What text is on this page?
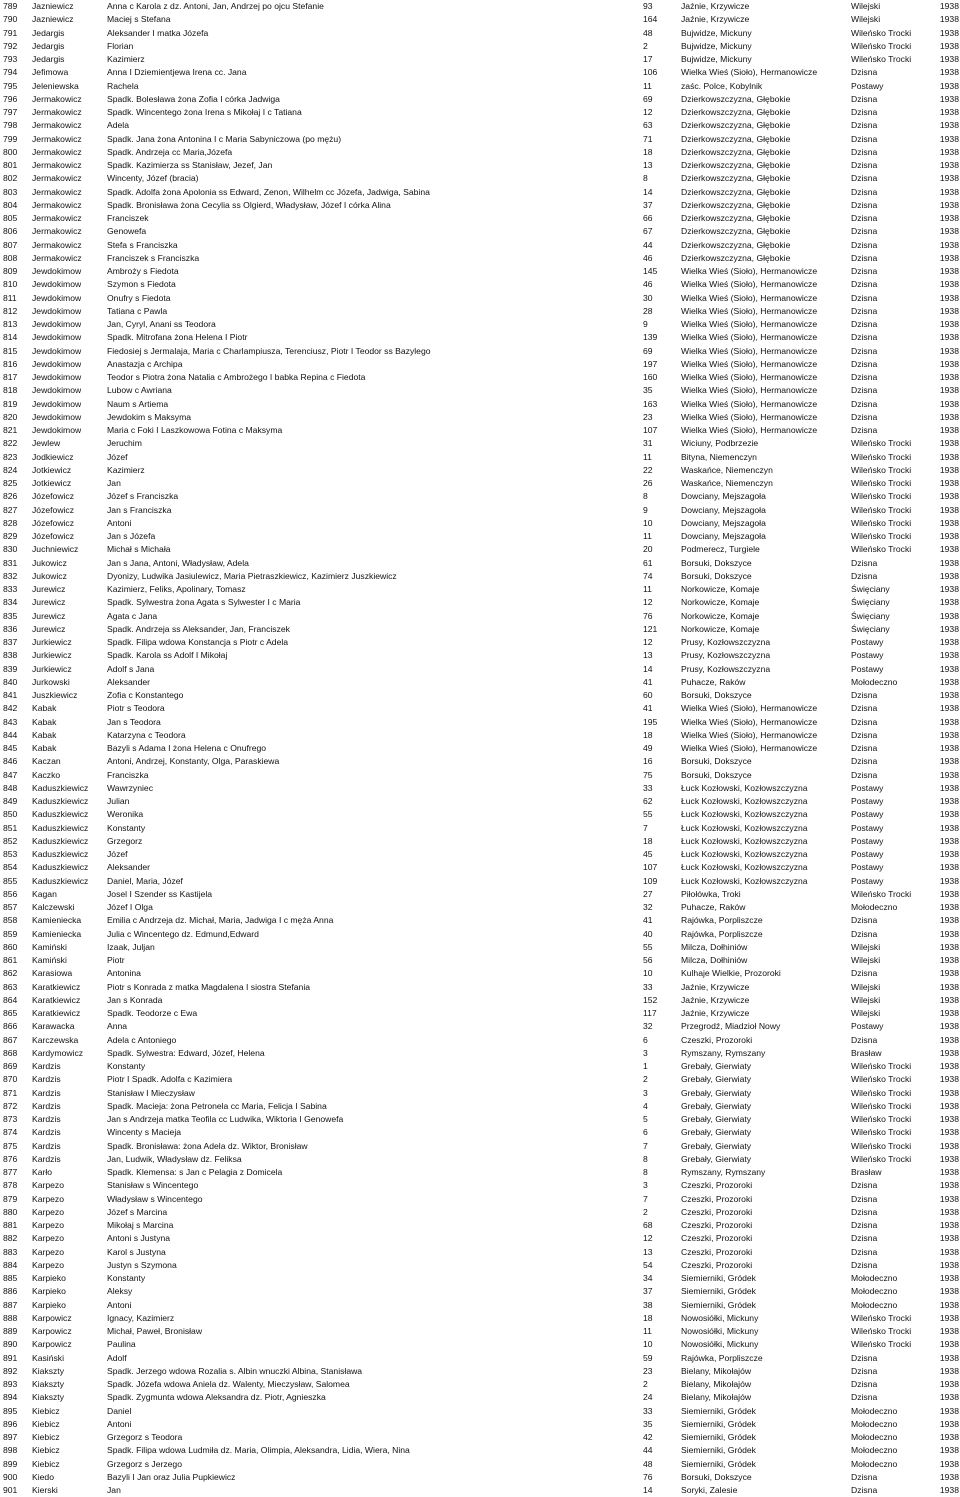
789	Jazniewicz	Anna c Karola z dz. Antoni, Jan, Andrzej po ojcu Stefanie	93	Jaźnie, Krzywicze	Wilejski	1938
790	Jazniewicz	Maciej s Stefana	164	Jaźnie, Krzywicze	Wilejski	1938
791	Jedargis	Aleksander I matka Józefa	48	Bujwidze, Mickuny	Wileńsko Trocki	1938
792	Jedargis	Florian	2	Bujwidze, Mickuny	Wileńsko Trocki	1938
793	Jedargis	Kazimierz	17	Bujwidze, Mickuny	Wileńsko Trocki	1938
794	Jefimowa	Anna I Dziemientjewa Irena cc. Jana	106	Wielka Wieś (Sioło), Hermanowicze	Dzisna	1938
795	Jeleniewska	Rachela	11	zaśc. Polce, Kobylnik	Postawy	1938
796	Jermakowicz	Spadk. Bolesława żona Zofia I córka Jadwiga	69	Dzierkowszczyzna, Głębokie	Dzisna	1938
797	Jermakowicz	Spadk. Wincentego żona Irena s Mikołaj I c Tatiana	12	Dzierkowszczyzna, Głębokie	Dzisna	1938
798	Jermakowicz	Adela	63	Dzierkowszczyzna, Głębokie	Dzisna	1938
799	Jermakowicz	Spadk. Jana żona Antonina I c Maria Sabyniczowa (po mężu)	71	Dzierkowszczyzna, Głębokie	Dzisna	1938
800	Jermakowicz	Spadk. Andrzeja cc Maria,Józefa	18	Dzierkowszczyzna, Głębokie	Dzisna	1938
801	Jermakowicz	Spadk. Kazimierza ss Stanisław, Jezef, Jan	13	Dzierkowszczyzna, Głębokie	Dzisna	1938
802	Jermakowicz	Wincenty, Józef (bracia)	8	Dzierkowszczyzna, Głębokie	Dzisna	1938
803	Jermakowicz	Spadk. Adolfa żona Apolonia ss Edward, Zenon, Wilhelm cc Józefa, Jadwiga, Sabina	14	Dzierkowszczyzna, Głębokie	Dzisna	1938
804	Jermakowicz	Spadk. Bronisława żona Cecylia ss Olgierd, Władysław, Józef I córka Alina	37	Dzierkowszczyzna, Głębokie	Dzisna	1938
805	Jermakowicz	Franciszek	66	Dzierkowszczyzna, Głębokie	Dzisna	1938
806	Jermakowicz	Genowefa	67	Dzierkowszczyzna, Głębokie	Dzisna	1938
807	Jermakowicz	Stefa s Franciszka	44	Dzierkowszczyzna, Głębokie	Dzisna	1938
808	Jermakowicz	Franciszek s Franciszka	46	Dzierkowszczyzna, Głębokie	Dzisna	1938
809	Jewdokimow	Ambroży s Fiedota	145	Wielka Wieś (Sioło), Hermanowicze	Dzisna	1938
810	Jewdokimow	Szymon s Fiedota	46	Wielka Wieś (Sioło), Hermanowicze	Dzisna	1938
811	Jewdokimow	Onufry s Fiedota	30	Wielka Wieś (Sioło), Hermanowicze	Dzisna	1938
812	Jewdokimow	Tatiana c Pawla	28	Wielka Wieś (Sioło), Hermanowicze	Dzisna	1938
813	Jewdokimow	Jan, Cyryl, Anani ss Teodora	9	Wielka Wieś (Sioło), Hermanowicze	Dzisna	1938
814	Jewdokimow	Spadk. Mitrofana żona Helena I Piotr	139	Wielka Wieś (Sioło), Hermanowicze	Dzisna	1938
815	Jewdokimow	Fiedosiej s Jermalaja, Maria c Charlampiusza, Terenciusz, Piotr I Teodor ss Bazylego	69	Wielka Wieś (Sioło), Hermanowicze	Dzisna	1938
816	Jewdokimow	Anastazja c Archipa	197	Wielka Wieś (Sioło), Hermanowicze	Dzisna	1938
817	Jewdokimow	Teodor s Piotra żona Natalia c Ambrożego I babka Repina c Fiedota	160	Wielka Wieś (Sioło), Hermanowicze	Dzisna	1938
818	Jewdokimow	Lubow c Awriana	35	Wielka Wieś (Sioło), Hermanowicze	Dzisna	1938
819	Jewdokimow	Naum s Artiema	163	Wielka Wieś (Sioło), Hermanowicze	Dzisna	1938
820	Jewdokimow	Jewdokim s Maksyma	23	Wielka Wieś (Sioło), Hermanowicze	Dzisna	1938
821	Jewdokimow	Maria c Foki I Laszkowowa Fotina c Maksyma	107	Wielka Wieś (Sioło), Hermanowicze	Dzisna	1938
822	Jewlew	Jeruchim	31	Wiciuny, Podbrzezie	Wileńsko Trocki	1938
823	Jodkiewicz	Józef	11	Bityna, Niemenczyn	Wileńsko Trocki	1938
824	Jotkiewicz	Kazimierz	22	Waskańce, Niemenczyn	Wileńsko Trocki	1938
825	Jotkiewicz	Jan	26	Waskańce, Niemenczyn	Wileńsko Trocki	1938
826	Józefowicz	Józef s Franciszka	8	Dowciany, Mejszagoła	Wileńsko Trocki	1938
827	Józefowicz	Jan s Franciszka	9	Dowciany, Mejszagoła	Wileńsko Trocki	1938
828	Józefowicz	Antoni	10	Dowciany, Mejszagoła	Wileńsko Trocki	1938
829	Józefowicz	Jan s Józefa	11	Dowciany, Mejszagoła	Wileńsko Trocki	1938
830	Juchniewicz	Michał s Michała	20	Podmerecz, Turgiele	Wileńsko Trocki	1938
831	Jukowicz	Jan s Jana, Antoni, Władysław, Adela	61	Borsuki, Dokszyce	Dzisna	1938
832	Jukowicz	Dyonizy, Ludwika Jasiulewicz, Maria Pietraszkiewicz, Kazimierz Juszkiewicz	74	Borsuki, Dokszyce	Dzisna	1938
833	Jurewicz	Kazimierz, Feliks, Apolinary, Tomasz	11	Norkowicze, Komaje	Święciany	1938
834	Jurewicz	Spadk. Sylwestra żona Agata s Sylwester I c Maria	12	Norkowicze, Komaje	Święciany	1938
835	Jurewicz	Agata c Jana	76	Norkowicze, Komaje	Święciany	1938
836	Jurewicz	Spadk. Andrzeja ss Aleksander, Jan, Franciszek	121	Norkowicze, Komaje	Święciany	1938
837	Jurkiewicz	Spadk. Filipa wdowa Konstancja s Piotr c Adela	12	Prusy, Kozłowszczyzna	Postawy	1938
838	Jurkiewicz	Spadk. Karola ss Adolf I Mikołaj	13	Prusy, Kozłowszczyzna	Postawy	1938
839	Jurkiewicz	Adolf s Jana	14	Prusy, Kozłowszczyzna	Postawy	1938
840	Jurkowski	Aleksander	41	Puhacze, Raków	Mołodeczno	1938
841	Juszkiewicz	Zofia c Konstantego	60	Borsuki, Dokszyce	Dzisna	1938
842	Kabak	Piotr s Teodora	41	Wielka Wieś (Sioło), Hermanowicze	Dzisna	1938
843	Kabak	Jan s Teodora	195	Wielka Wieś (Sioło), Hermanowicze	Dzisna	1938
844	Kabak	Katarzyna c Teodora	18	Wielka Wieś (Sioło), Hermanowicze	Dzisna	1938
845	Kabak	Bazyli s Adama I żona Helena c Onufrego	49	Wielka Wieś (Sioło), Hermanowicze	Dzisna	1938
846	Kaczan	Antoni, Andrzej, Konstanty, Olga, Paraskiewa	16	Borsuki, Dokszyce	Dzisna	1938
847	Kaczko	Franciszka	75	Borsuki, Dokszyce	Dzisna	1938
848	Kaduszkiewicz	Wawrzyniec	33	Łuck Kozłowski, Kozłowszczyzna	Postawy	1938
849	Kaduszkiewicz	Julian	62	Łuck Kozłowski, Kozłowszczyzna	Postawy	1938
850	Kaduszkiewicz	Weronika	55	Łuck Kozłowski, Kozłowszczyzna	Postawy	1938
851	Kaduszkiewicz	Konstanty	7	Łuck Kozłowski, Kozłowszczyzna	Postawy	1938
852	Kaduszkiewicz	Grzegorz	18	Łuck Kozłowski, Kozłowszczyzna	Postawy	1938
853	Kaduszkiewicz	Józef	45	Łuck Kozłowski, Kozłowszczyzna	Postawy	1938
854	Kaduszkiewicz	Aleksander	107	Łuck Kozłowski, Kozłowszczyzna	Postawy	1938
855	Kaduszkiewicz	Daniel, Maria, Józef	109	Łuck Kozłowski, Kozłowszczyzna	Postawy	1938
856	Kagan	Josel I Szender ss Kastijela	27	Piłołówka, Troki	Wileńsko Trocki	1938
857	Kalczewski	Józef I Olga	32	Puhacze, Raków	Mołodeczno	1938
858	Kamieniecka	Emilia c Andrzeja dz. Michał, Maria, Jadwiga I c męża Anna	41	Rajówka, Porpliszcze	Dzisna	1938
859	Kamieniecka	Julia c Wincentego dz. Edmund,Edward	40	Rajówka, Porpliszcze	Dzisna	1938
860	Kamiński	Izaak, Juljan	55	Milcza, Dołhiniów	Wilejski	1938
861	Kamiński	Piotr	56	Milcza, Dołhiniów	Wilejski	1938
862	Karasiowa	Antonina	10	Kulhaje Wielkie, Prozoroki	Dzisna	1938
863	Karatkiewicz	Piotr s Konrada z matka Magdalena I siostra Stefania	33	Jaźnie, Krzywicze	Wilejski	1938
864	Karatkiewicz	Jan s Konrada	152	Jaźnie, Krzywicze	Wilejski	1938
865	Karatkiewicz	Spadk. Teodorze c Ewa	117	Jaźnie, Krzywicze	Wilejski	1938
866	Karawacka	Anna	32	Przegrodź, Miadzioł Nowy	Postawy	1938
867	Karczewska	Adela c Antoniego	6	Czeszki, Prozoroki	Dzisna	1938
868	Kardymowicz	Spadk. Sylwestra: Edward, Józef, Helena	3	Rymszany, Rymszany	Brasław	1938
869	Kardzis	Konstanty	1	Grebały, Gierwiaty	Wileńsko Trocki	1938
870	Kardzis	Piotr I Spadk. Adolfa c Kazimiera	2	Grebały, Gierwiaty	Wileńsko Trocki	1938
871	Kardzis	Stanisław I Mieczysław	3	Grebały, Gierwiaty	Wileńsko Trocki	1938
872	Kardzis	Spadk. Macieja: żona Petronela cc Maria, Felicja I Sabina	4	Grebały, Gierwiaty	Wileńsko Trocki	1938
873	Kardzis	Jan s Andrzeja matka Teofila cc Ludwika, Wiktoria I Genowefa	5	Grebały, Gierwiaty	Wileńsko Trocki	1938
874	Kardzis	Wincenty s Macieja	6	Grebały, Gierwiaty	Wileńsko Trocki	1938
875	Kardzis	Spadk. Bronisława: żona Adela dz. Wiktor, Bronisław	7	Grebały, Gierwiaty	Wileńsko Trocki	1938
876	Kardzis	Jan, Ludwik, Władysław dz. Feliksa	8	Grebały, Gierwiaty	Wileńsko Trocki	1938
877	Karło	Spadk. Klemensa: s Jan c Pelagia z Domicela	8	Rymszany, Rymszany	Brasław	1938
878	Karpezo	Stanisław s Wincentego	3	Czeszki, Prozoroki	Dzisna	1938
879	Karpezo	Władysław s Wincentego	7	Czeszki, Prozoroki	Dzisna	1938
880	Karpezo	Józef s Marcina	2	Czeszki, Prozoroki	Dzisna	1938
881	Karpezo	Mikołaj s Marcina	68	Czeszki, Prozoroki	Dzisna	1938
882	Karpezo	Antoni s Justyna	12	Czeszki, Prozoroki	Dzisna	1938
883	Karpezo	Karol s Justyna	13	Czeszki, Prozoroki	Dzisna	1938
884	Karpezo	Justyn s Szymona	54	Czeszki, Prozoroki	Dzisna	1938
885	Karpieko	Konstanty	34	Siemierniki, Gródek	Mołodeczno	1938
886	Karpieko	Aleksy	37	Siemierniki, Gródek	Mołodeczno	1938
887	Karpieko	Antoni	38	Siemierniki, Gródek	Mołodeczno	1938
888	Karpowicz	Ignacy, Kazimierz	18	Nowosiółki, Mickuny	Wileńsko Trocki	1938
889	Karpowicz	Michał, Paweł, Bronisław	11	Nowosiółki, Mickuny	Wileńsko Trocki	1938
890	Karpowicz	Paulina	10	Nowosiółki, Mickuny	Wileńsko Trocki	1938
891	Kasiński	Adolf	59	Rajówka, Porpliszcze	Dzisna	1938
892	Kiakszty	Spadk. Jerzego wdowa Rozalia s. Albin wnuczki Albina, Stanisława	23	Bielany, Mikołajów	Dzisna	1938
893	Kiakszty	Spadk. Józefa wdowa Aniela dz. Walenty, Mieczysław, Salomea	2	Bielany, Mikołajów	Dzisna	1938
894	Kiakszty	Spadk. Zygmunta wdowa Aleksandra dz. Piotr, Agnieszka	24	Bielany, Mikołajów	Dzisna	1938
895	Kiebicz	Daniel	33	Siemierniki, Gródek	Mołodeczno	1938
896	Kiebicz	Antoni	35	Siemierniki, Gródek	Mołodeczno	1938
897	Kiebicz	Grzegorz s Teodora	42	Siemierniki, Gródek	Mołodeczno	1938
898	Kiebicz	Spadk. Filipa wdowa Ludmiła dz. Maria, Olimpia, Aleksandra, Lidia, Wiera, Nina	44	Siemierniki, Gródek	Mołodeczno	1938
899	Kiebicz	Grzegorz s Jerzego	48	Siemierniki, Gródek	Mołodeczno	1938
900	Kiedo	Bazyli I Jan oraz Julia Pupkiewicz	76	Borsuki, Dokszyce	Dzisna	1938
901	Kierski	Jan	14	Soryki, Zalesie	Dzisna	1938
